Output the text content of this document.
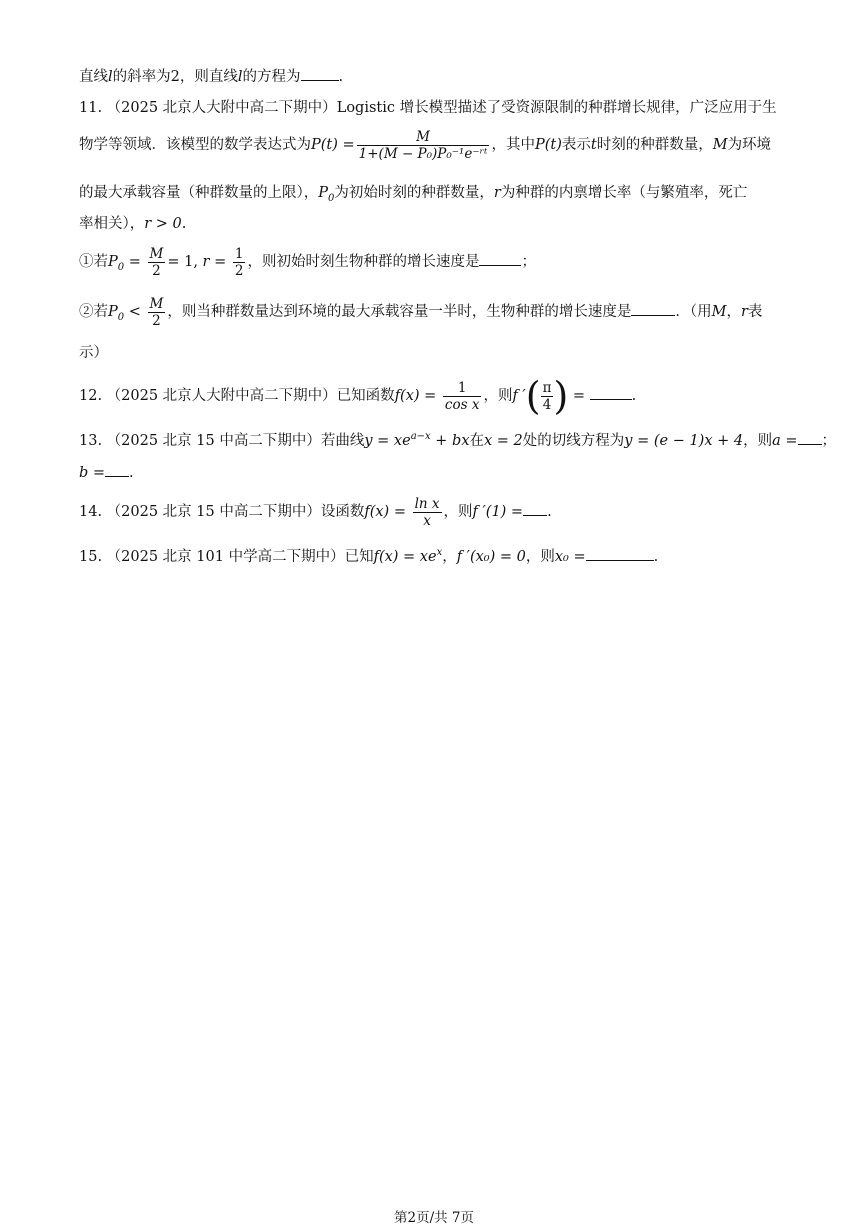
直线l的斜率为2，则直线l的方程为	.
11. （2025 北京人大附中高二下期中）Logistic 增长模型描述了受资源限制的种群增长规律，广泛应用于生
物学等领域．该模型的数学表达式为$P(t) = \frac{M}{\text{1+(M − P₀)P₀⁻¹e⁻ʳᵗ}}$ ，其中P(t)表示t时刻的种群数量，M为环境
的最大承载容量（种群数量的上限），$P_0$为初始时刻的种群数量，r为种群的内禀增长率（与繁殖率，死亡
率相关），r > 0.
①若$P_0 = \frac{M}{2} = 1$, $r = \frac{1}{2}$ ，则初始时刻生物种群的增长速度是	；
②若$P_0 < \frac{M}{2}$ ，则当种群数量达到环境的最大承载容量一半时，生物种群的增长速度是	．（用M，r表
示）
12. （2025 北京人大附中高二下期中）已知函数$f(x) = \frac{1}{\text{cos x}}$ ，则f ′( $\frac{\pi}{4}$ ) =	.
13. （2025 北京 15 中高二下期中）若曲线$y = xe^{a-x}$ + bx在x = 2处的切线方程为y = (e − 1)x + 4，则a = ；
b = .
14. （2025 北京 15 中高二下期中）设函数$f(x) = \frac{\text{ln x}}{x}$ ，则f ′(1) = .
15. （2025 北京 101 中学高二下期中）已知$f(x) = xe^x$，f ′(x₀) = 0，则x₀ =	.
第2页/共 7页
